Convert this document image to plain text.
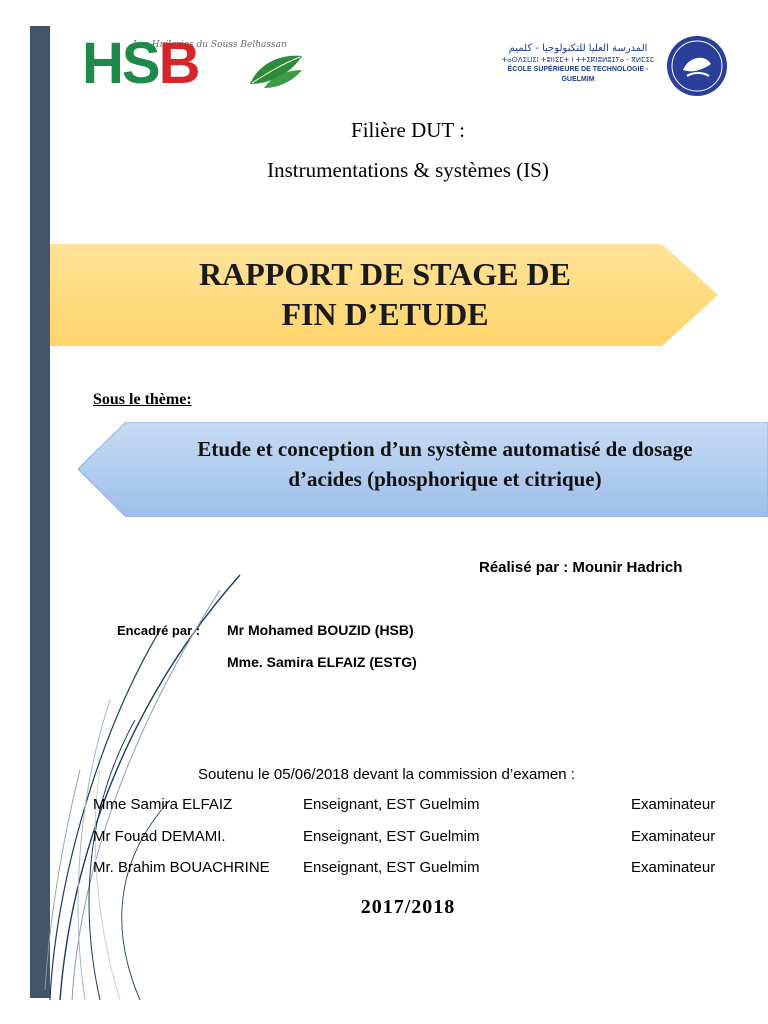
Les Huileries du Souss Belhassan
HSB	المدرسة العليا للتكنولوجيا - كلميم
ⵜⴰⵙⴷⵉⵡⵉⵏ ⵜⵓⵏⵏⵉⵎⵜ ⵏ ⵜⵜⵉⴽⵏⵓⵍⵓⵊⵢⴰ - ⴳⵍⵎⵉⵎ
ÉCOLE SUPÉRIEURE DE TECHNOLOGIE - GUELMIM
Filière DUT :
Instrumentations & systèmes (IS)
RAPPORT DE STAGE DE
FIN D’ETUDE
Sous le thème:
Etude et conception d’un système automatisé de dosage
d’acides (phosphorique et citrique)
Réalisé par : Mounir Hadrich
Encadré par : Mr Mohamed BOUZID (HSB)
Mme. Samira ELFAIZ (ESTG)
Soutenu le 05/06/2018 devant la commission d’examen :
Mme Samira ELFAIZ	Enseignant, EST Guelmim	Examinateur
Mr Fouad DEMAMI.	Enseignant, EST Guelmim	Examinateur
Mr. Brahim BOUACHRINE Enseignant, EST Guelmim	Examinateur
2017/2018
